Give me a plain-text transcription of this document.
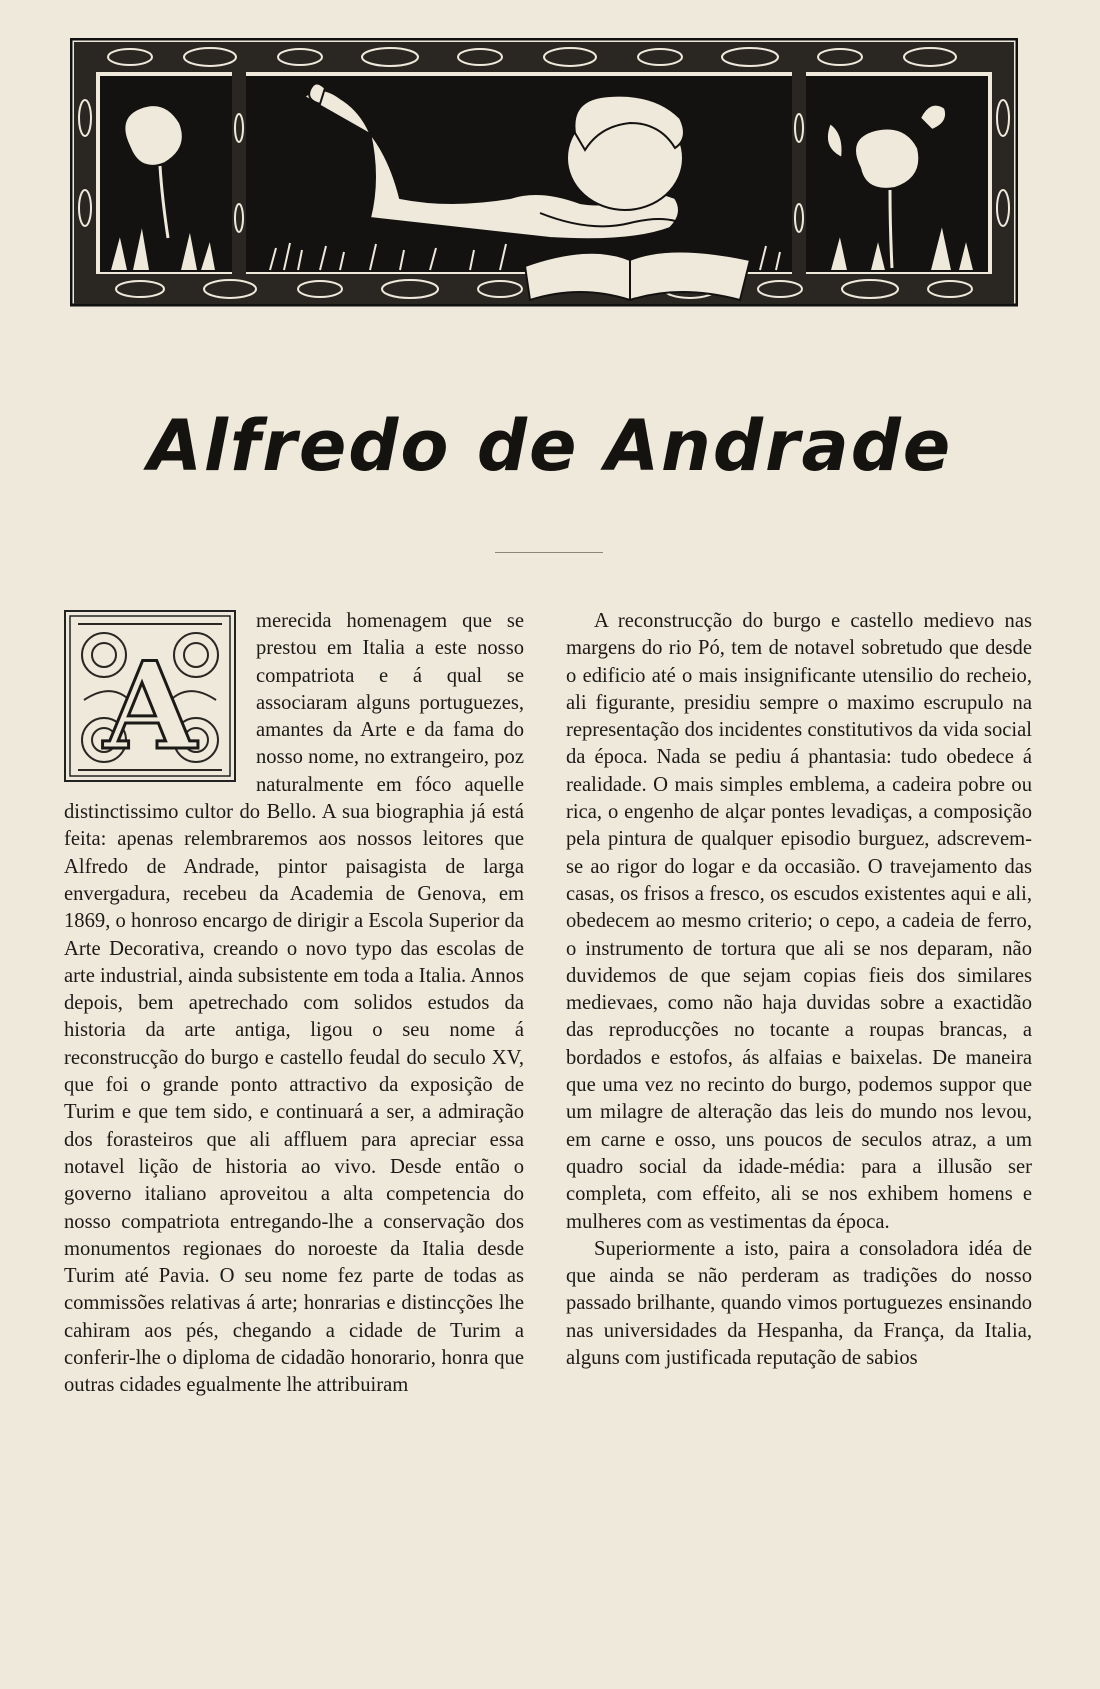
Alfredo de Andrade
A

merecida homenagem que se prestou em Italia a este nosso compatriota e á qual se associaram alguns portuguezes, amantes da Arte e da fama do nosso nome, no extrangeiro, poz naturalmente em fóco aquelle distinctissimo cultor do Bello. A sua biographia já está feita: apenas relembraremos aos nossos leitores que Alfredo de Andrade, pintor paisagista de larga envergadura, recebeu da Academia de Genova, em 1869, o honroso encargo de dirigir a Escola Superior da Arte Decorativa, creando o novo typo das escolas de arte industrial, ainda subsistente em toda a Italia. Annos depois, bem apetrechado com solidos estudos da historia da arte antiga, ligou o seu nome á reconstrucção do burgo e castello feudal do seculo XV, que foi o grande ponto attractivo da exposição de Turim e que tem sido, e continuará a ser, a admiração dos forasteiros que ali affluem para apreciar essa notavel lição de historia ao vivo. Desde então o governo italiano aproveitou a alta competencia do nosso compatriota entregando-lhe a conservação dos monumentos regionaes do noroeste da Italia desde Turim até Pavia. O seu nome fez parte de todas as commissões relativas á arte; honrarias e distincções lhe cahiram aos pés, chegando a cidade de Turim a conferir-lhe o diploma de cidadão honorario, honra que outras cidades egualmente lhe attribuiram

A reconstrucção do burgo e castello medievo nas margens do rio Pó, tem de notavel sobretudo que desde o edificio até o mais insignificante utensilio do recheio, ali figurante, presidiu sempre o maximo escrupulo na representação dos incidentes constitutivos da vida social da época. Nada se pediu á phantasia: tudo obedece á realidade. O mais simples emblema, a cadeira pobre ou rica, o engenho de alçar pontes levadiças, a composição pela pintura de qualquer episodio burguez, adscrevem-se ao rigor do logar e da occasião. O travejamento das casas, os frisos a fresco, os escudos existentes aqui e ali, obedecem ao mesmo criterio; o cepo, a cadeia de ferro, o instrumento de tortura que ali se nos deparam, não duvidemos de que sejam copias fieis dos similares medievaes, como não haja duvidas sobre a exactidão das reproducções no tocante a roupas brancas, a bordados e estofos, ás alfaias e baixelas. De maneira que uma vez no recinto do burgo, podemos suppor que um milagre de alteração das leis do mundo nos levou, em carne e osso, uns poucos de seculos atraz, a um quadro social da idade-média: para a illusão ser completa, com effeito, ali se nos exhibem homens e mulheres com as vestimentas da época.

Superiormente a isto, paira a consoladora idéa de que ainda se não perderam as tradições do nosso passado brilhante, quando vimos portuguezes ensinando nas universidades da Hespanha, da França, da Italia, alguns com justificada reputação de sabios
